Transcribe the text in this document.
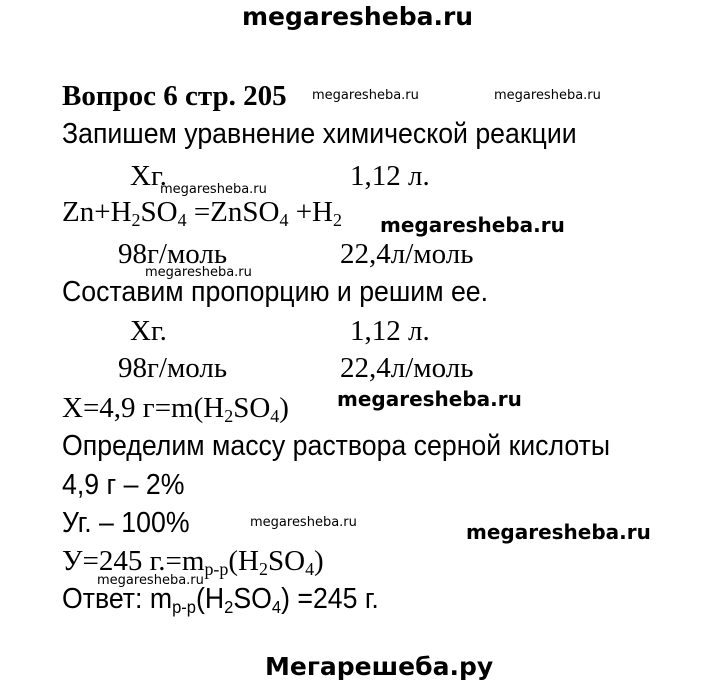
megaresheba.ru
Мегарешеба.ру
Вопрос 6 стр. 205
Запишем уравнение химической реакции
Хг.	1,12 л.
$Zn+H_2SO_4$ =ZnSO$_4$ $+H_2$
98г/моль	22,4л/моль
Составим пропорцию и решим ее.
Хг.	1,12 л.
98г/моль	22,4л/моль
Х=4,9 $г=m(H_2SO_4)$
Определим массу раствора серной кислоты
4,9 г – 2%
Уг. – 100%
У=245 $г.=m_{р-р}(H_2SO_4)$
Ответ: $m_{р-р}(H_2SO_4) =245$ г.
megaresheba.ru	megaresheba.ru
megaresheba.ru
megaresheba.ru
megaresheba.ru
megaresheba.ru
megaresheba.ru
megaresheba.ru
megaresheba.ru
